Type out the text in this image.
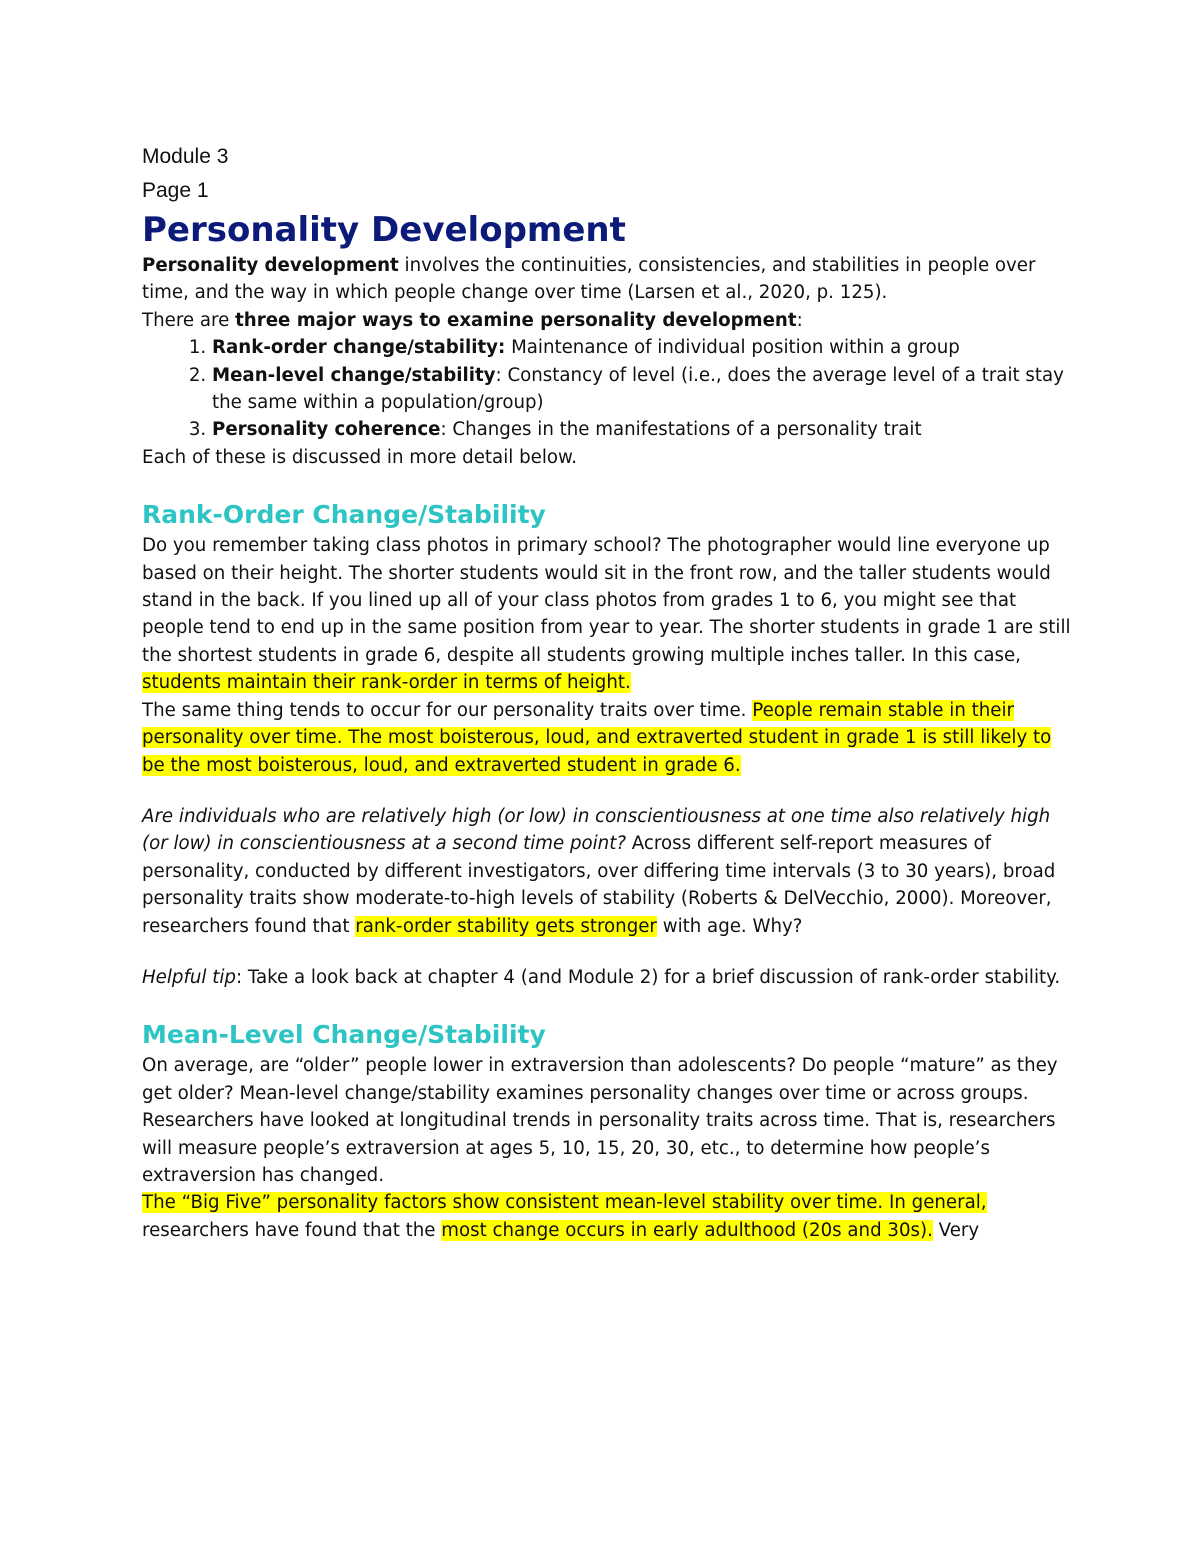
Module 3
Page 1
Personality Development

Personality development involves the continuities, consistencies, and stabilities in people over time, and the way in which people change over time (Larsen et al., 2020, p. 125).

There are three major ways to examine personality development:

1. Rank-order change/stability: Maintenance of individual position within a group
2. Mean-level change/stability: Constancy of level (i.e., does the average level of a trait stay the same within a population/group)
3. Personality coherence: Changes in the manifestations of a personality trait

Each of these is discussed in more detail below.

Rank-Order Change/Stability

Do you remember taking class photos in primary school? The photographer would line everyone up based on their height. The shorter students would sit in the front row, and the taller students would stand in the back. If you lined up all of your class photos from grades 1 to 6, you might see that people tend to end up in the same position from year to year. The shorter students in grade 1 are still the shortest students in grade 6, despite all students growing multiple inches taller. In this case, students maintain their rank-order in terms of height.

The same thing tends to occur for our personality traits over time. People remain stable in their personality over time. The most boisterous, loud, and extraverted student in grade 1 is still likely to be the most boisterous, loud, and extraverted student in grade 6.

Are individuals who are relatively high (or low) in conscientiousness at one time also relatively high (or low) in conscientiousness at a second time point? Across different self-report measures of personality, conducted by different investigators, over differing time intervals (3 to 30 years), broad personality traits show moderate-to-high levels of stability (Roberts & DelVecchio, 2000). Moreover, researchers found that rank-order stability gets stronger with age. Why?

Helpful tip: Take a look back at chapter 4 (and Module 2) for a brief discussion of rank-order stability.

Mean-Level Change/Stability

On average, are “older” people lower in extraversion than adolescents? Do people “mature” as they get older? Mean-level change/stability examines personality changes over time or across groups.

Researchers have looked at longitudinal trends in personality traits across time. That is, researchers will measure people’s extraversion at ages 5, 10, 15, 20, 30, etc., to determine how people’s extraversion has changed.

The “Big Five” personality factors show consistent mean-level stability over time. In general, researchers have found that the most change occurs in early adulthood (20s and 30s). Very
